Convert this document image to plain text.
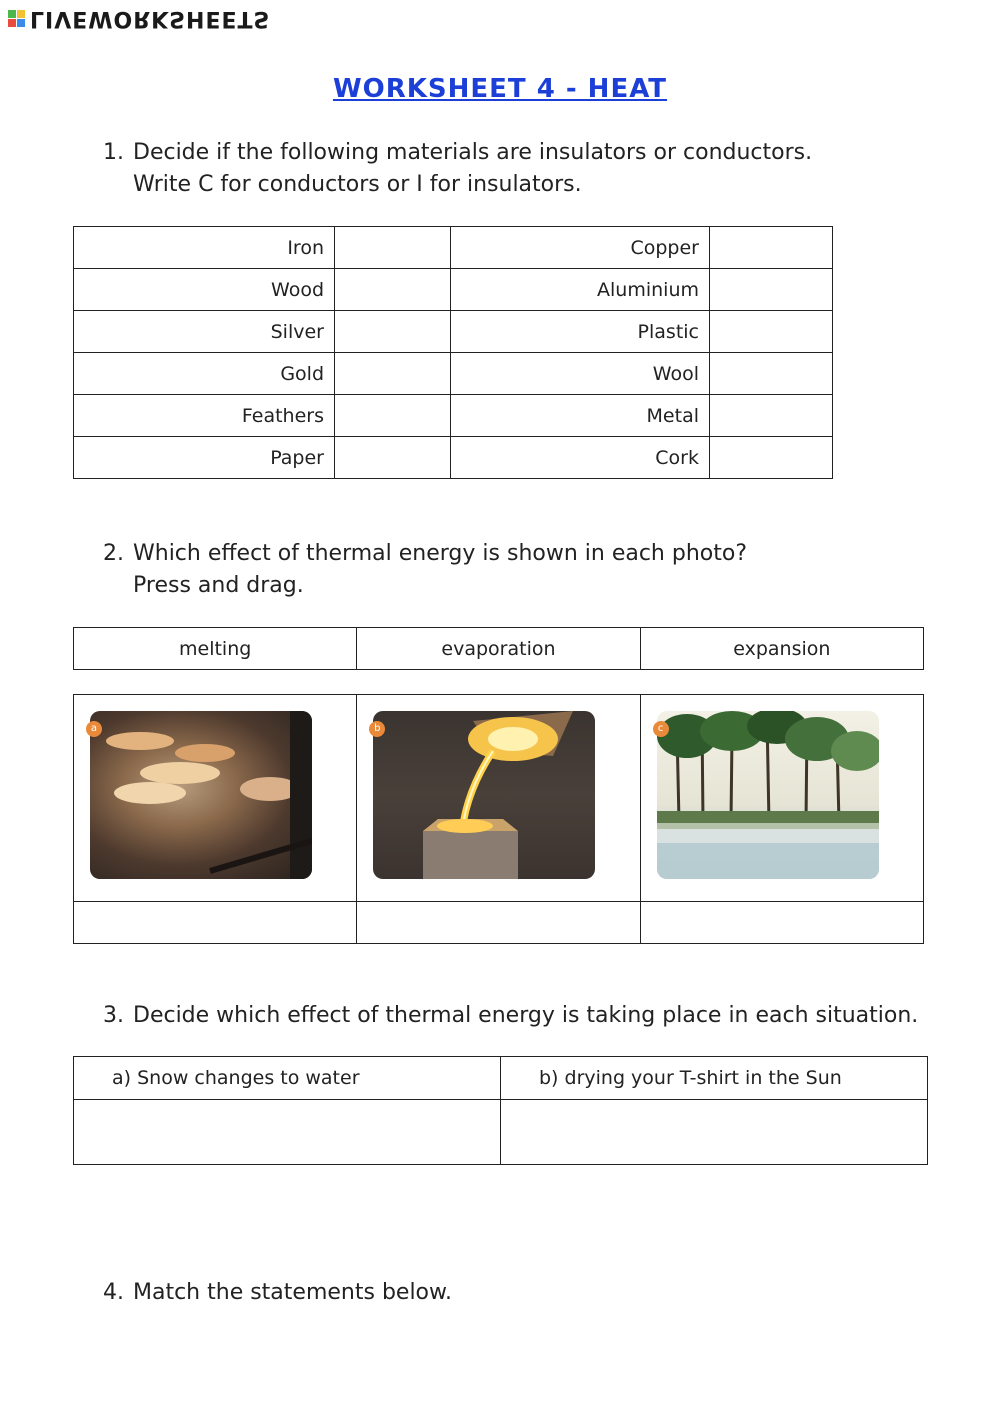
LIVEWORKSHEETS
WORKSHEET 4 - HEAT
1. Decide if the following materials are insulators or conductors.
Write C for conductors or I for insulators.
Iron		Copper	
Wood		Aluminium	
Silver		Plastic	
Gold		Wool	
Feathers		Metal	
Paper		Cork	
2. Which effect of thermal energy is shown in each photo?
Press and drag.
melting	evaporation	expansion
a	b	c

3. Decide which effect of thermal energy is taking place in each situation.
a) Snow changes to water	b) drying your T-shirt in the Sun

4. Match the statements below.
